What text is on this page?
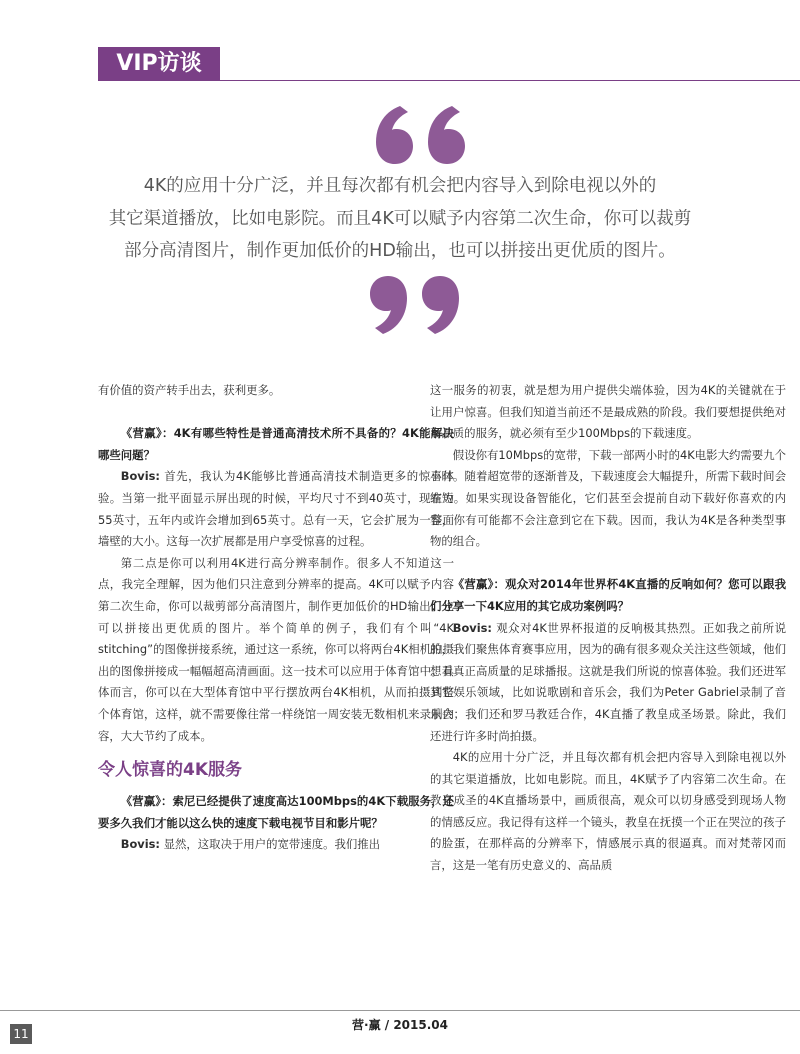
VIP访谈
4K的应用十分广泛，并且每次都有机会把内容导入到除电视以外的
其它渠道播放，比如电影院。而且4K可以赋予内容第二次生命，你可以裁剪
部分高清图片，制作更加低价的HD输出，也可以拼接出更优质的图片。

有价值的资产转手出去，获利更多。

《营赢》：4K有哪些特性是普通高清技术所不具备的？4K能解决哪些问题？

Bovis: 首先，我认为4K能够比普通高清技术制造更多的惊喜体验。当第一批平面显示屏出现的时候，平均尺寸不到40英寸，现在为55英寸，五年内或许会增加到65英寸。总有一天，它会扩展为一整面墙壁的大小。这每一次扩展都是用户享受惊喜的过程。

第二点是你可以利用4K进行高分辨率制作。很多人不知道这一点，我完全理解，因为他们只注意到分辨率的提高。4K可以赋予内容第二次生命，你可以裁剪部分高清图片，制作更加低价的HD输出；也可以拼接出更优质的图片。举个简单的例子，我们有个叫“4K stitching”的图像拼接系统，通过这一系统，你可以将两台4K相机拍摄出的图像拼接成一幅幅超高清画面。这一技术可以应用于体育馆中。具体而言，你可以在大型体育馆中平行摆放两台4K相机，从而拍摄到整个体育馆，这样，就不需要像往常一样绕馆一周安装无数相机来录制内容，大大节约了成本。

令人惊喜的4K服务

《营赢》：索尼已经提供了速度高达100Mbps的4K下载服务，还要多久我们才能以这么快的速度下载电视节目和影片呢？

Bovis: 显然，这取决于用户的宽带速度。我们推出

这一服务的初衷，就是想为用户提供尖端体验，因为4K的关键就在于让用户惊喜。但我们知道当前还不是最成熟的阶段。我们要想提供绝对高品质的服务，就必须有至少100Mbps的下载速度。

假设你有10Mbps的宽带，下载一部两小时的4K电影大约需要九个小时。随着超宽带的逐渐普及，下载速度会大幅提升，所需下载时间会缩短。如果实现设备智能化，它们甚至会提前自动下载好你喜欢的内容，你有可能都不会注意到它在下载。因而，我认为4K是各种类型事物的组合。

《营赢》：观众对2014年世界杯4K直播的反响如何？您可以跟我们分享一下4K应用的其它成功案例吗？

Bovis: 观众对4K世界杯报道的反响极其热烈。正如我之前所说的，我们聚焦体育赛事应用，因为的确有很多观众关注这些领域，他们想看真正高质量的足球播报。这就是我们所说的惊喜体验。我们还进军其它娱乐领域，比如说歌剧和音乐会，我们为Peter Gabriel录制了音乐会；我们还和罗马教廷合作，4K直播了教皇成圣场景。除此，我们还进行许多时尚拍摄。

4K的应用十分广泛，并且每次都有机会把内容导入到除电视以外的其它渠道播放，比如电影院。而且，4K赋予了内容第二次生命。在教皇成圣的4K直播场景中，画质很高，观众可以切身感受到现场人物的情感反应。我记得有这样一个镜头，教皇在抚摸一个正在哭泣的孩子的脸蛋，在那样高的分辨率下，情感展示真的很逼真。而对梵蒂冈而言，这是一笔有历史意义的、高品质

11
营·赢 / 2015.04
